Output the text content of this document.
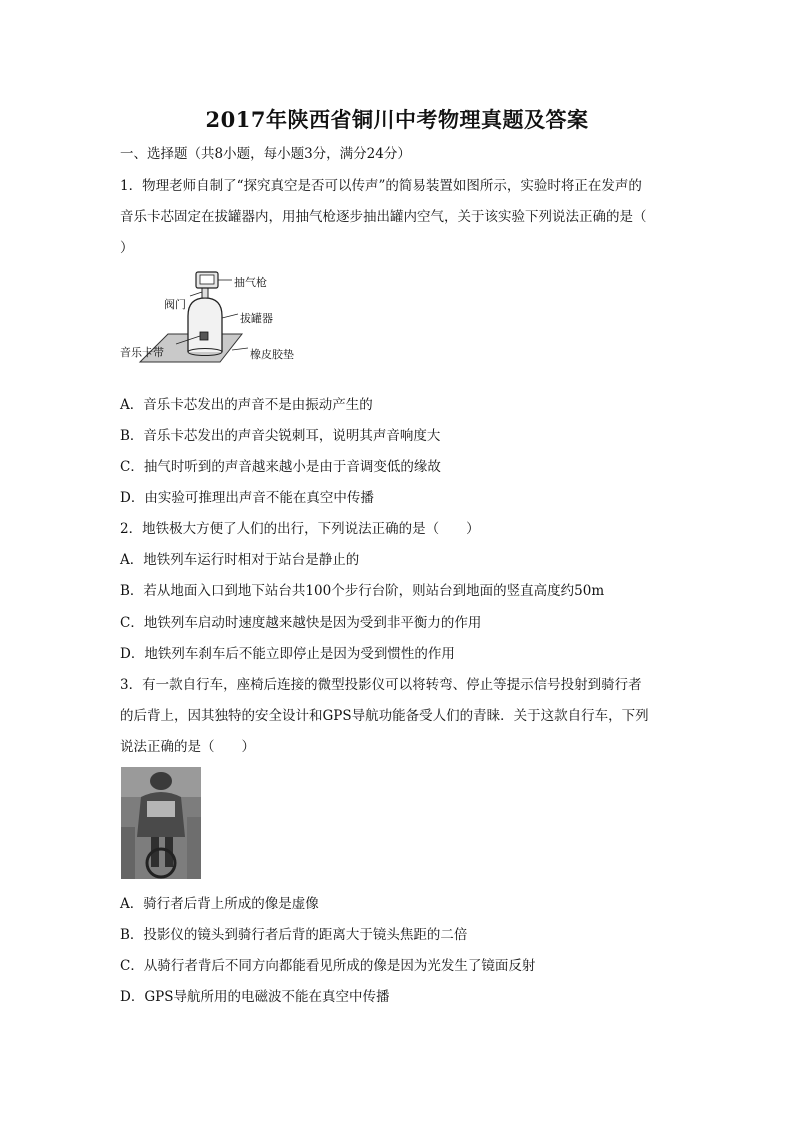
2017年陕西省铜川中考物理真题及答案
一、选择题（共8小题，每小题3分，满分24分）
1．物理老师自制了“探究真空是否可以传声”的简易装置如图所示，实验时将正在发声的
音乐卡芯固定在拔罐器内，用抽气枪逐步抽出罐内空气，关于该实验下列说法正确的是（
）
抽气枪
阀门
拔罐器
音乐卡带	橡皮胶垫
A．音乐卡芯发出的声音不是由振动产生的
B．音乐卡芯发出的声音尖锐刺耳，说明其声音响度大
C．抽气时听到的声音越来越小是由于音调变低的缘故
D．由实验可推理出声音不能在真空中传播
2．地铁极大方便了人们的出行，下列说法正确的是（　　）
A．地铁列车运行时相对于站台是静止的
B．若从地面入口到地下站台共100个步行台阶，则站台到地面的竖直高度约50m
C．地铁列车启动时速度越来越快是因为受到非平衡力的作用
D．地铁列车刹车后不能立即停止是因为受到惯性的作用
3．有一款自行车，座椅后连接的微型投影仪可以将转弯、停止等提示信号投射到骑行者
的后背上，因其独特的安全设计和GPS导航功能备受人们的青睐．关于这款自行车，下列
说法正确的是（　　）
A．骑行者后背上所成的像是虚像
B．投影仪的镜头到骑行者后背的距离大于镜头焦距的二倍
C．从骑行者背后不同方向都能看见所成的像是因为光发生了镜面反射
D．GPS导航所用的电磁波不能在真空中传播
